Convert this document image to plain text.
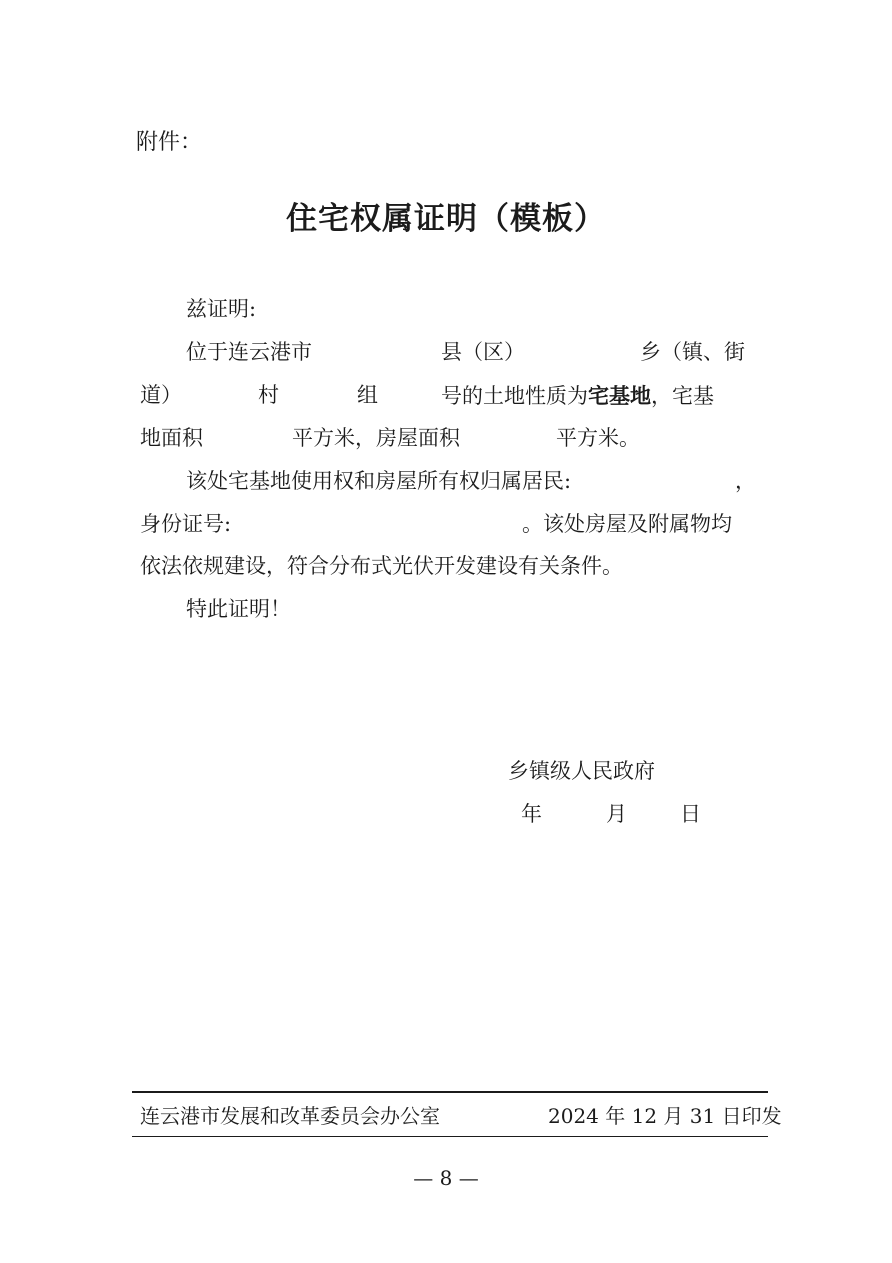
附件：
住宅权属证明（模板）
兹证明:
位于连云港市	县（区）	乡（镇、街
道）	村	组	号的土地性质为宅基地，宅基
地面积	平方米，房屋面积	平方米。
该处宅基地使用权和房屋所有权归属居民:	，
身份证号:	。该处房屋及附属物均
依法依规建设，符合分布式光伏开发建设有关条件。
特此证明！
乡镇级人民政府
年	月	日
连云港市发展和改革委员会办公室	2024 年 12 月 31 日印发
— 8 —
